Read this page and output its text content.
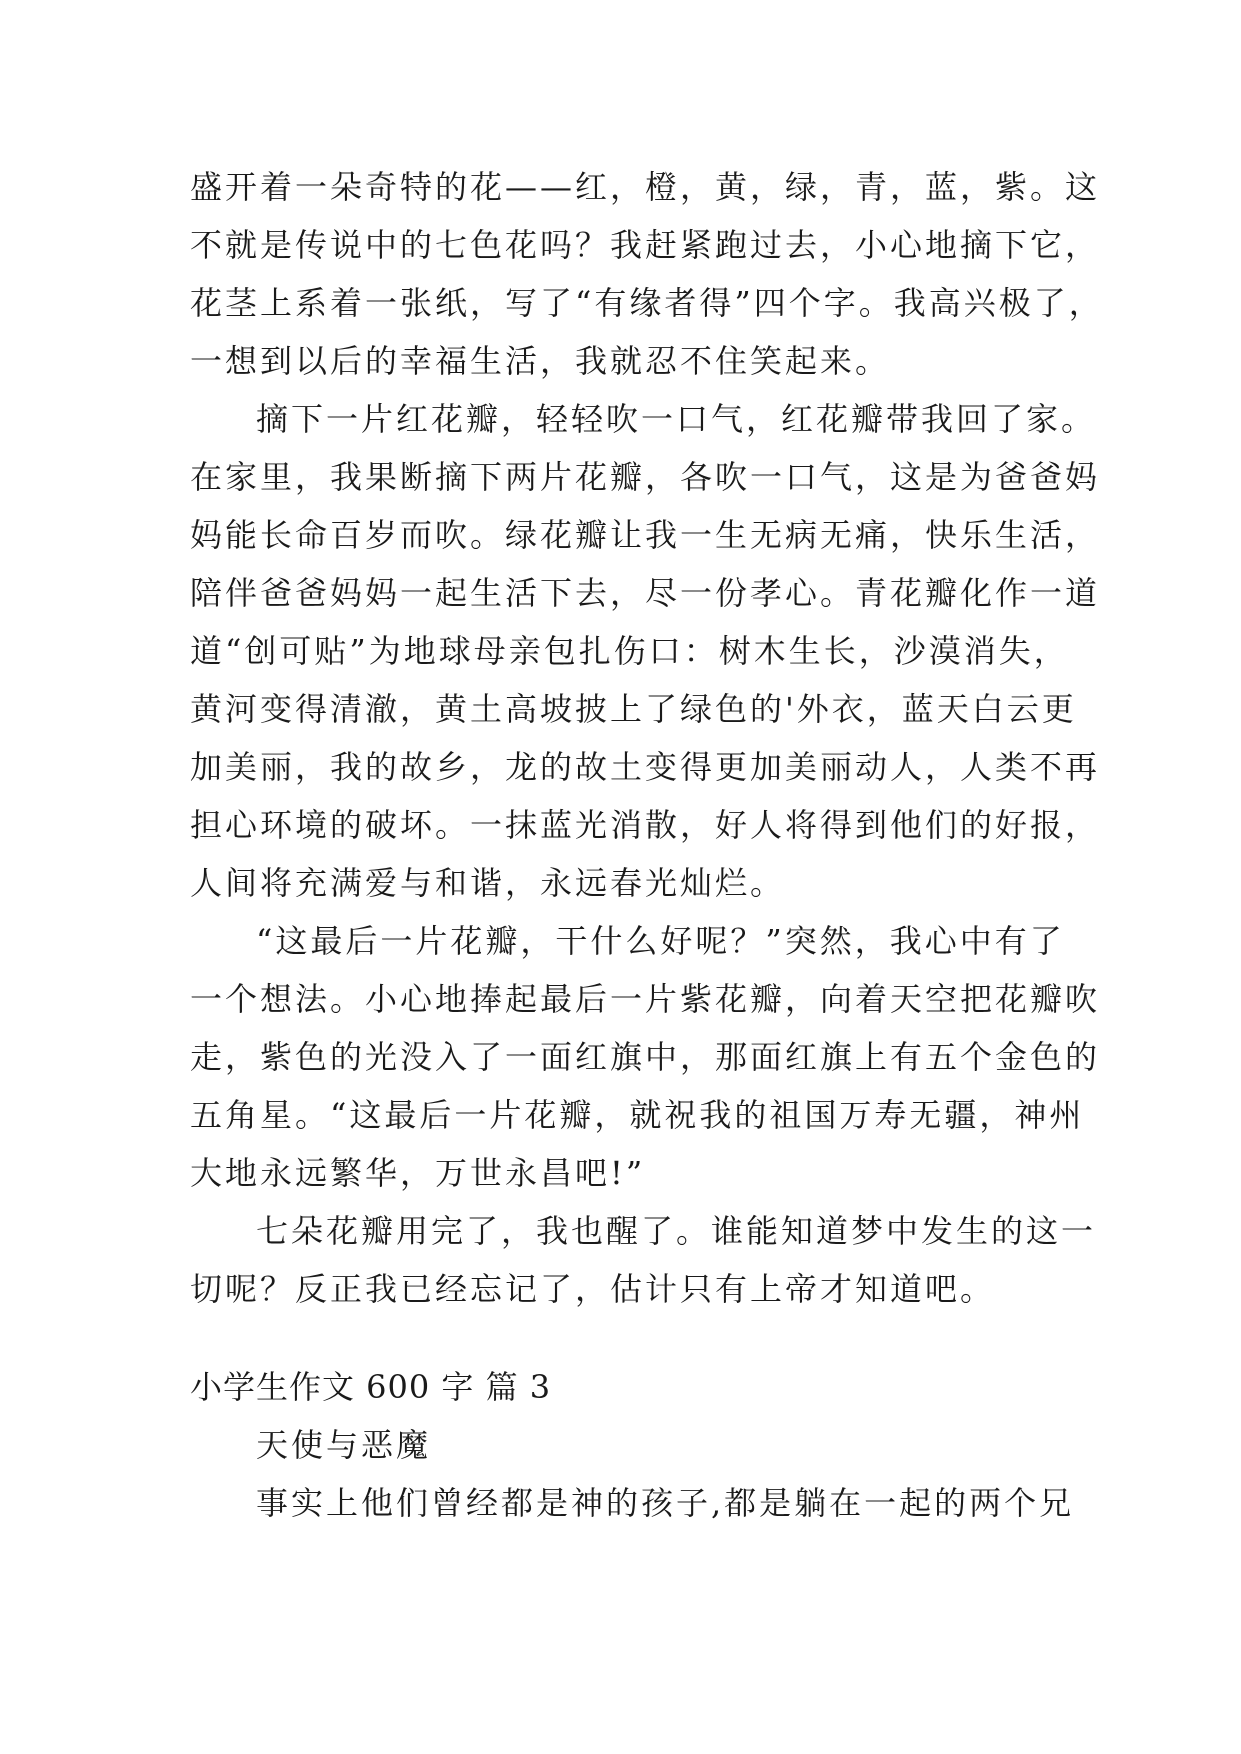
盛开着一朵奇特的花——红，橙，黄，绿，青，蓝，紫。这
不就是传说中的七色花吗？我赶紧跑过去，小心地摘下它，
花茎上系着一张纸，写了“有缘者得”四个字。我高兴极了，
一想到以后的幸福生活，我就忍不住笑起来。
摘下一片红花瓣，轻轻吹一口气，红花瓣带我回了家。
在家里，我果断摘下两片花瓣，各吹一口气，这是为爸爸妈
妈能长命百岁而吹。绿花瓣让我一生无病无痛，快乐生活，
陪伴爸爸妈妈一起生活下去，尽一份孝心。青花瓣化作一道
道“创可贴”为地球母亲包扎伤口：树木生长，沙漠消失，
黄河变得清澈，黄土高坡披上了绿色的'外衣，蓝天白云更
加美丽，我的故乡，龙的故土变得更加美丽动人，人类不再
担心环境的破坏。一抹蓝光消散，好人将得到他们的好报，
人间将充满爱与和谐，永远春光灿烂。
“这最后一片花瓣，干什么好呢？”突然，我心中有了
一个想法。小心地捧起最后一片紫花瓣，向着天空把花瓣吹
走，紫色的光没入了一面红旗中，那面红旗上有五个金色的
五角星。“这最后一片花瓣，就祝我的祖国万寿无疆，神州
大地永远繁华，万世永昌吧!”
七朵花瓣用完了，我也醒了。谁能知道梦中发生的这一
切呢？反正我已经忘记了，估计只有上帝才知道吧。
小学生作文 600 字 篇 3
天使与恶魔
事实上他们曾经都是神的孩子,都是躺在一起的两个兄
